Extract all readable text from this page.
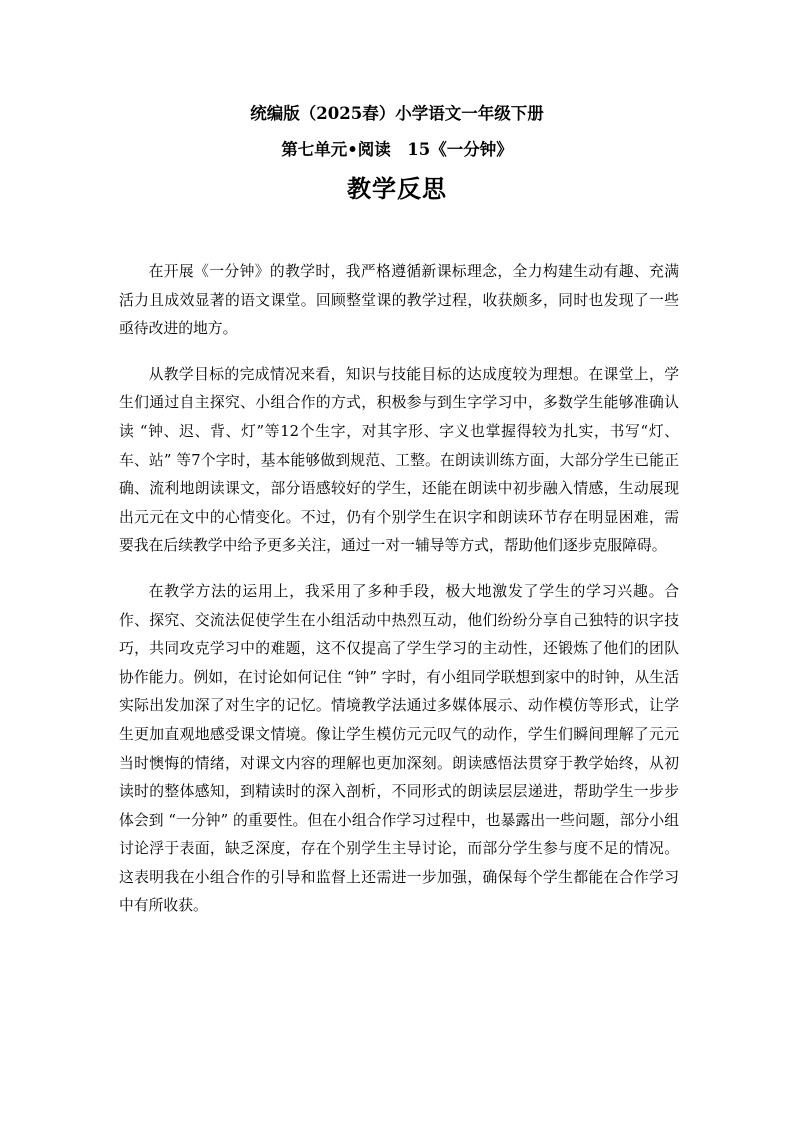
统编版（2025春）小学语文一年级下册

第七单元•阅读　15《一分钟》

教学反思

在开展《一分钟》的教学时，我严格遵循新课标理念，全力构建生动有趣、充满活力且成效显著的语文课堂。回顾整堂课的教学过程，收获颇多，同时也发现了一些亟待改进的地方。

从教学目标的完成情况来看，知识与技能目标的达成度较为理想。在课堂上，学生们通过自主探究、小组合作的方式，积极参与到生字学习中，多数学生能够准确认读 “钟、迟、背、灯”等12个生字，对其字形、字义也掌握得较为扎实，书写“灯、车、站” 等7个字时，基本能够做到规范、工整。在朗读训练方面，大部分学生已能正确、流利地朗读课文，部分语感较好的学生，还能在朗读中初步融入情感，生动展现出元元在文中的心情变化。不过，仍有个别学生在识字和朗读环节存在明显困难，需要我在后续教学中给予更多关注，通过一对一辅导等方式，帮助他们逐步克服障碍。

在教学方法的运用上，我采用了多种手段，极大地激发了学生的学习兴趣。合作、探究、交流法促使学生在小组活动中热烈互动，他们纷纷分享自己独特的识字技巧，共同攻克学习中的难题，这不仅提高了学生学习的主动性，还锻炼了他们的团队协作能力。例如，在讨论如何记住 “钟” 字时，有小组同学联想到家中的时钟，从生活实际出发加深了对生字的记忆。情境教学法通过多媒体展示、动作模仿等形式，让学生更加直观地感受课文情境。像让学生模仿元元叹气的动作，学生们瞬间理解了元元当时懊悔的情绪，对课文内容的理解也更加深刻。朗读感悟法贯穿于教学始终，从初读时的整体感知，到精读时的深入剖析，不同形式的朗读层层递进，帮助学生一步步体会到 “一分钟” 的重要性。但在小组合作学习过程中，也暴露出一些问题，部分小组讨论浮于表面，缺乏深度，存在个别学生主导讨论，而部分学生参与度不足的情况。这表明我在小组合作的引导和监督上还需进一步加强，确保每个学生都能在合作学习中有所收获。
